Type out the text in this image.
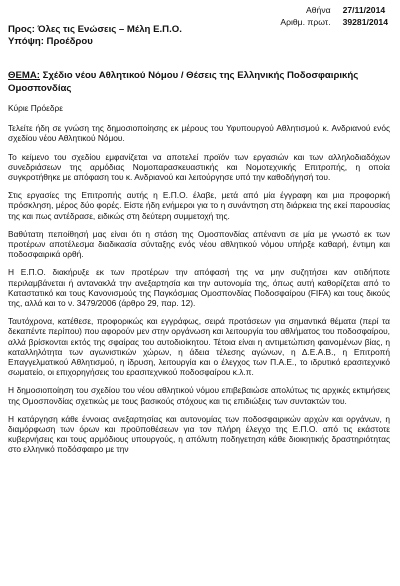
Αθήνα	27/11/2014
Αριθμ. πρωτ.	39281/2014
Προς: Όλες τις Ενώσεις – Μέλη Ε.Π.Ο.
Υπόψη: Προέδρου
ΘΕΜΑ: Σχέδιο νέου Αθλητικού Νόμου / Θέσεις της Ελληνικής Ποδοσφαιρικής Ομοσπονδίας

Κύριε Πρόεδρε

Τελείτε ήδη σε γνώση της δημοσιοποίησης εκ μέρους του Υφυπουργού Αθλητισμού κ. Ανδριανού ενός σχεδίου νέου Αθλητικού Νόμου.

Το κείμενο του σχεδίου εμφανίζεται να αποτελεί προϊόν των εργασιών και των αλληλοδιαδόχων συνεδριάσεων της αρμόδιας Νομοπαρασκευαστικής και Νομοτεχνικής Επιτροπής, η οποία συγκροτήθηκε με απόφαση του κ. Ανδριανού και λειτούργησε υπό την καθοδήγησή του.

Στις εργασίες της Επιτροπής αυτής η Ε.Π.Ο. έλαβε, μετά από μία έγγραφη και μια προφορική πρόσκληση, μέρος δύο φορές. Είστε ήδη ενήμεροι για το η συνάντηση στη διάρκεια της εκεί παρουσίας της και πως αντέδρασε, ειδικώς στη δεύτερη συμμετοχή της.

Βαθύτατη πεποίθησή μας είναι ότι η στάση της Ομοσπονδίας απέναντι σε μία με γνωστό εκ των προτέρων αποτέλεσμα διαδικασία σύνταξης ενός νέου αθλητικού νόμου υπήρξε καθαρή, έντιμη και ποδοσφαιρικά ορθή.

Η Ε.Π.Ο. διακήρυξε εκ των προτέρων την απόφασή της να μην συζητήσει καν οτιδήποτε περιλαμβάνεται ή αντανακλά την ανεξαρτησία και την αυτονομία της, όπως αυτή καθορίζεται από το Καταστατικό και τους Κανονισμούς της Παγκόσμιας Ομοσπονδίας Ποδοσφαίρου (FIFA) και τους δικούς της, αλλά και το ν. 3479/2006 (άρθρο 29, παρ. 12).

Ταυτόχρονα, κατέθεσε, προφορικώς και εγγράφως, σειρά προτάσεων για σημαντικά θέματα (περί τα δεκαπέντε περίπου) που αφορούν μεν στην οργάνωση και λειτουργία του αθλήματος του ποδοσφαίρου, αλλά βρίσκονται εκτός της σφαίρας του αυτοδιοίκητου. Τέτοια είναι η αντιμετώπιση φαινομένων βίας, η καταλληλότητα των αγωνιστικών χώρων, η άδεια τέλεσης αγώνων, η Δ.Ε.Α.Β., η Επιτροπή Επαγγελματικού Αθλητισμού, η ίδρυση, λειτουργία και ο έλεγχος των Π.Α.Ε., το ιδρυτικό ερασιτεχνικό σωματείο, οι επιχορηγήσεις του ερασιτεχνικού ποδοσφαίρου κ.λ.π.

Η δημοσιοποίηση του σχεδίου του νέου αθλητικού νόμου επιβεβαιώσε απολύτως τις αρχικές εκτιμήσεις της Ομοσπονδίας σχετικώς με τους βασικούς στόχους και τις επιδιώξεις των συντακτών του.

Η κατάργηση κάθε έννοιας ανεξαρτησίας και αυτονομίας των ποδοσφαιρικών αρχών και οργάνων, η διαμόρφωση των όρων και προϋποθέσεων για τον πλήρη έλεγχο της Ε.Π.Ο. από τις εκάστοτε κυβερνήσεις και τους αρμόδιους υπουργούς, η απόλυτη ποδηγετηση κάθε διοικητικής δραστηριότητας στο ελληνικό ποδόσφαιρο με την
